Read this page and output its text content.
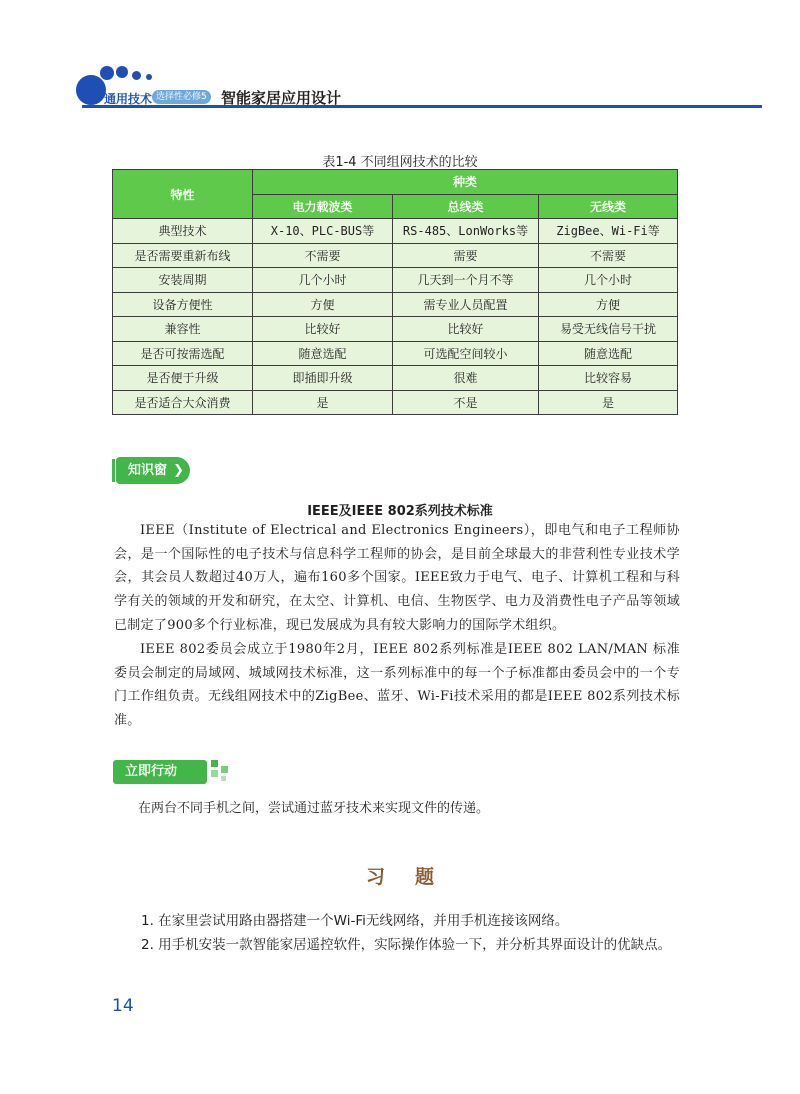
通用技术 选择性必修5 智能家居应用设计
表1-4 不同组网技术的比较
特性	种类		
	电力载波类	总线类	无线类
典型技术	X-10、PLC-BUS等	RS-485、LonWorks等	ZigBee、Wi-Fi等
是否需要重新布线	不需要	需要	不需要
安装周期	几个小时	几天到一个月不等	几个小时
设备方便性	方便	需专业人员配置	方便
兼容性	比较好	比较好	易受无线信号干扰
是否可按需选配	随意选配	可选配空间较小	随意选配
是否便于升级	即插即升级	很难	比较容易
是否适合大众消费	是	不是	是
知识窗 ❯
IEEE及IEEE 802系列技术标准
IEEE（Institute of Electrical and Electronics Engineers），即电气和电子工程师协会，是一个国际性的电子技术与信息科学工程师的协会，是目前全球最大的非营利性专业技术学会，其会员人数超过40万人，遍布160多个国家。IEEE致力于电气、电子、计算机工程和与科学有关的领域的开发和研究，在太空、计算机、电信、生物医学、电力及消费性电子产品等领域已制定了900多个行业标准，现已发展成为具有较大影响力的国际学术组织。
IEEE 802委员会成立于1980年2月，IEEE 802系列标准是IEEE 802 LAN/MAN 标准委员会制定的局域网、城域网技术标准，这一系列标准中的每一个子标准都由委员会中的一个专门工作组负责。无线组网技术中的ZigBee、蓝牙、Wi-Fi技术采用的都是IEEE 802系列技术标准。
立即行动
在两台不同手机之间，尝试通过蓝牙技术来实现文件的传递。
习题
1. 在家里尝试用路由器搭建一个Wi-Fi无线网络，并用手机连接该网络。
2. 用手机安装一款智能家居遥控软件，实际操作体验一下，并分析其界面设计的优缺点。
14
